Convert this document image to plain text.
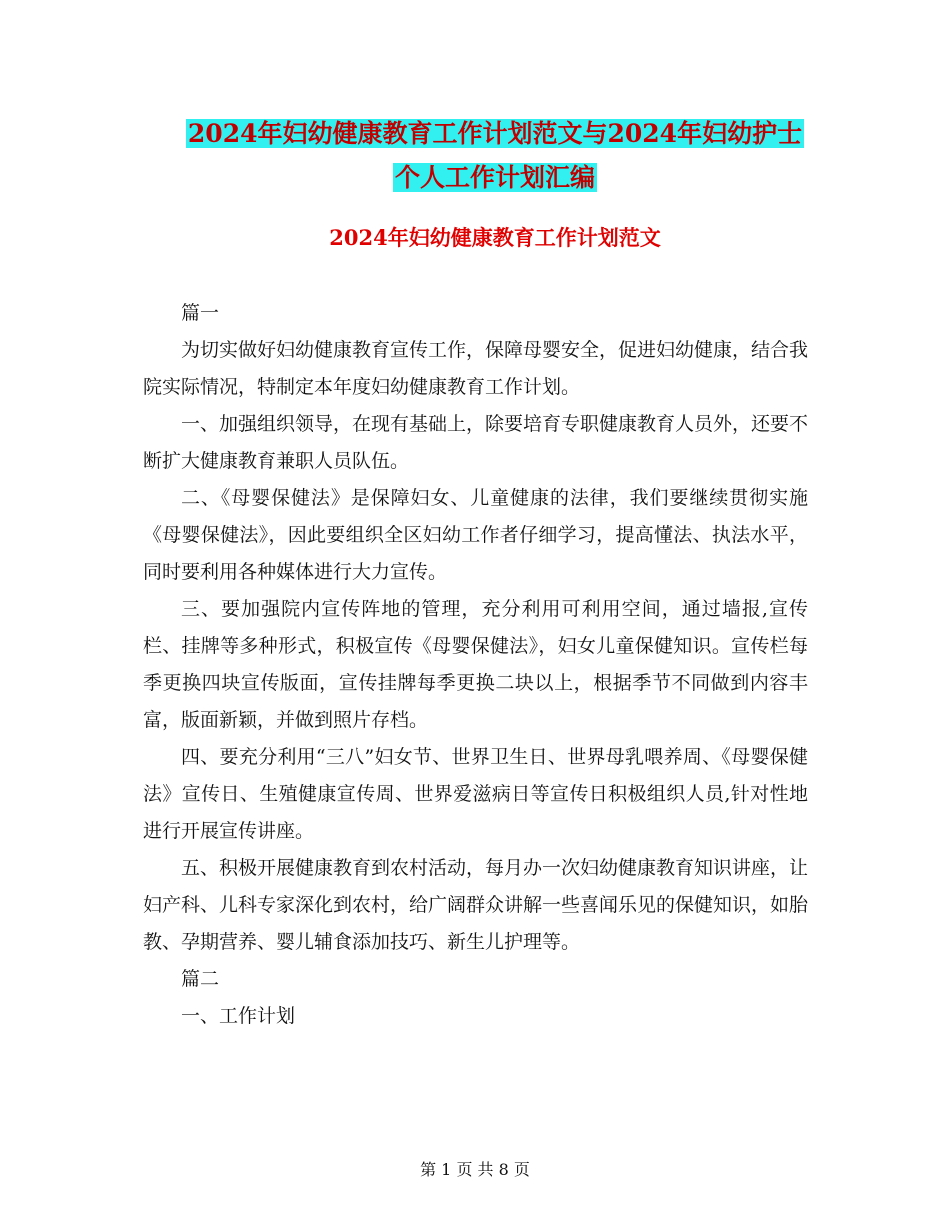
2024年妇幼健康教育工作计划范文与2024年妇幼护士
个人工作计划汇编
2024年妇幼健康教育工作计划范文

篇一

为切实做好妇幼健康教育宣传工作，保障母婴安全，促进妇幼健康，结合我院实际情况，特制定本年度妇幼健康教育工作计划。

一、加强组织领导，在现有基础上，除要培育专职健康教育人员外，还要不断扩大健康教育兼职人员队伍。

二、《母婴保健法》是保障妇女、儿童健康的法律，我们要继续贯彻实施《母婴保健法》，因此要组织全区妇幼工作者仔细学习，提高懂法、执法水平，同时要利用各种媒体进行大力宣传。

三、要加强院内宣传阵地的管理，充分利用可利用空间，通过墙报,宣传栏、挂牌等多种形式，积极宣传《母婴保健法》，妇女儿童保健知识。宣传栏每季更换四块宣传版面，宣传挂牌每季更换二块以上，根据季节不同做到内容丰富，版面新颖，并做到照片存档。

四、要充分利用“三八”妇女节、世界卫生日、世界母乳喂养周、《母婴保健法》宣传日、生殖健康宣传周、世界爱滋病日等宣传日积极组织人员,针对性地进行开展宣传讲座。

五、积极开展健康教育到农村活动，每月办一次妇幼健康教育知识讲座，让妇产科、儿科专家深化到农村，给广阔群众讲解一些喜闻乐见的保健知识，如胎教、孕期营养、婴儿辅食添加技巧、新生儿护理等。

篇二

一、工作计划

第 1 页 共 8 页
